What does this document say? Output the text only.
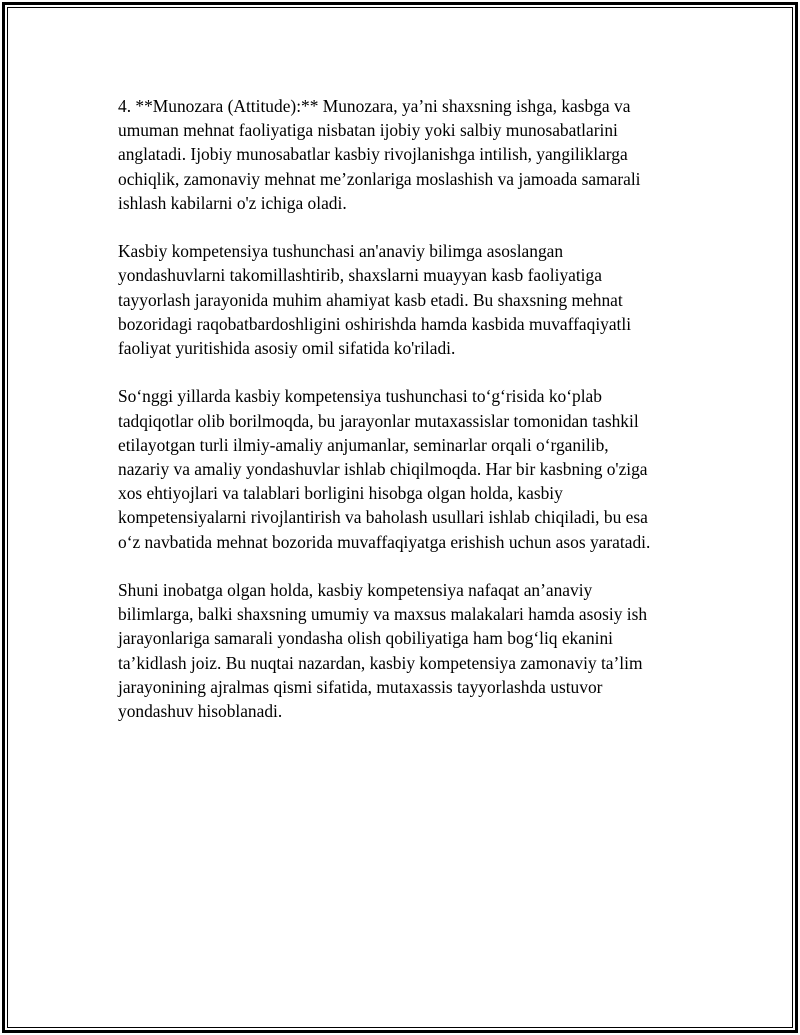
4. **Munozara (Attitude):** Munozara, ya’ni shaxsning ishga, kasbga va
umuman mehnat faoliyatiga nisbatan ijobiy yoki salbiy munosabatlarini
anglatadi. Ijobiy munosabatlar kasbiy rivojlanishga intilish, yangiliklarga
ochiqlik, zamonaviy mehnat me’zonlariga moslashish va jamoada samarali
ishlash kabilarni o'z ichiga oladi.

Kasbiy kompetensiya tushunchasi an'anaviy bilimga asoslangan
yondashuvlarni takomillashtirib, shaxslarni muayyan kasb faoliyatiga
tayyorlash jarayonida muhim ahamiyat kasb etadi. Bu shaxsning mehnat
bozoridagi raqobatbardoshligini oshirishda hamda kasbida muvaffaqiyatli
faoliyat yuritishida asosiy omil sifatida ko'riladi.

So‘nggi yillarda kasbiy kompetensiya tushunchasi to‘g‘risida ko‘plab
tadqiqotlar olib borilmoqda, bu jarayonlar mutaxassislar tomonidan tashkil
etilayotgan turli ilmiy-amaliy anjumanlar, seminarlar orqali o‘rganilib,
nazariy va amaliy yondashuvlar ishlab chiqilmoqda. Har bir kasbning o'ziga
xos ehtiyojlari va talablari borligini hisobga olgan holda, kasbiy
kompetensiyalarni rivojlantirish va baholash usullari ishlab chiqiladi, bu esa
o‘z navbatida mehnat bozorida muvaffaqiyatga erishish uchun asos yaratadi.

Shuni inobatga olgan holda, kasbiy kompetensiya nafaqat an’anaviy
bilimlarga, balki shaxsning umumiy va maxsus malakalari hamda asosiy ish
jarayonlariga samarali yondasha olish qobiliyatiga ham bog‘liq ekanini
ta’kidlash joiz. Bu nuqtai nazardan, kasbiy kompetensiya zamonaviy ta’lim
jarayonining ajralmas qismi sifatida, mutaxassis tayyorlashda ustuvor
yondashuv hisoblanadi.
